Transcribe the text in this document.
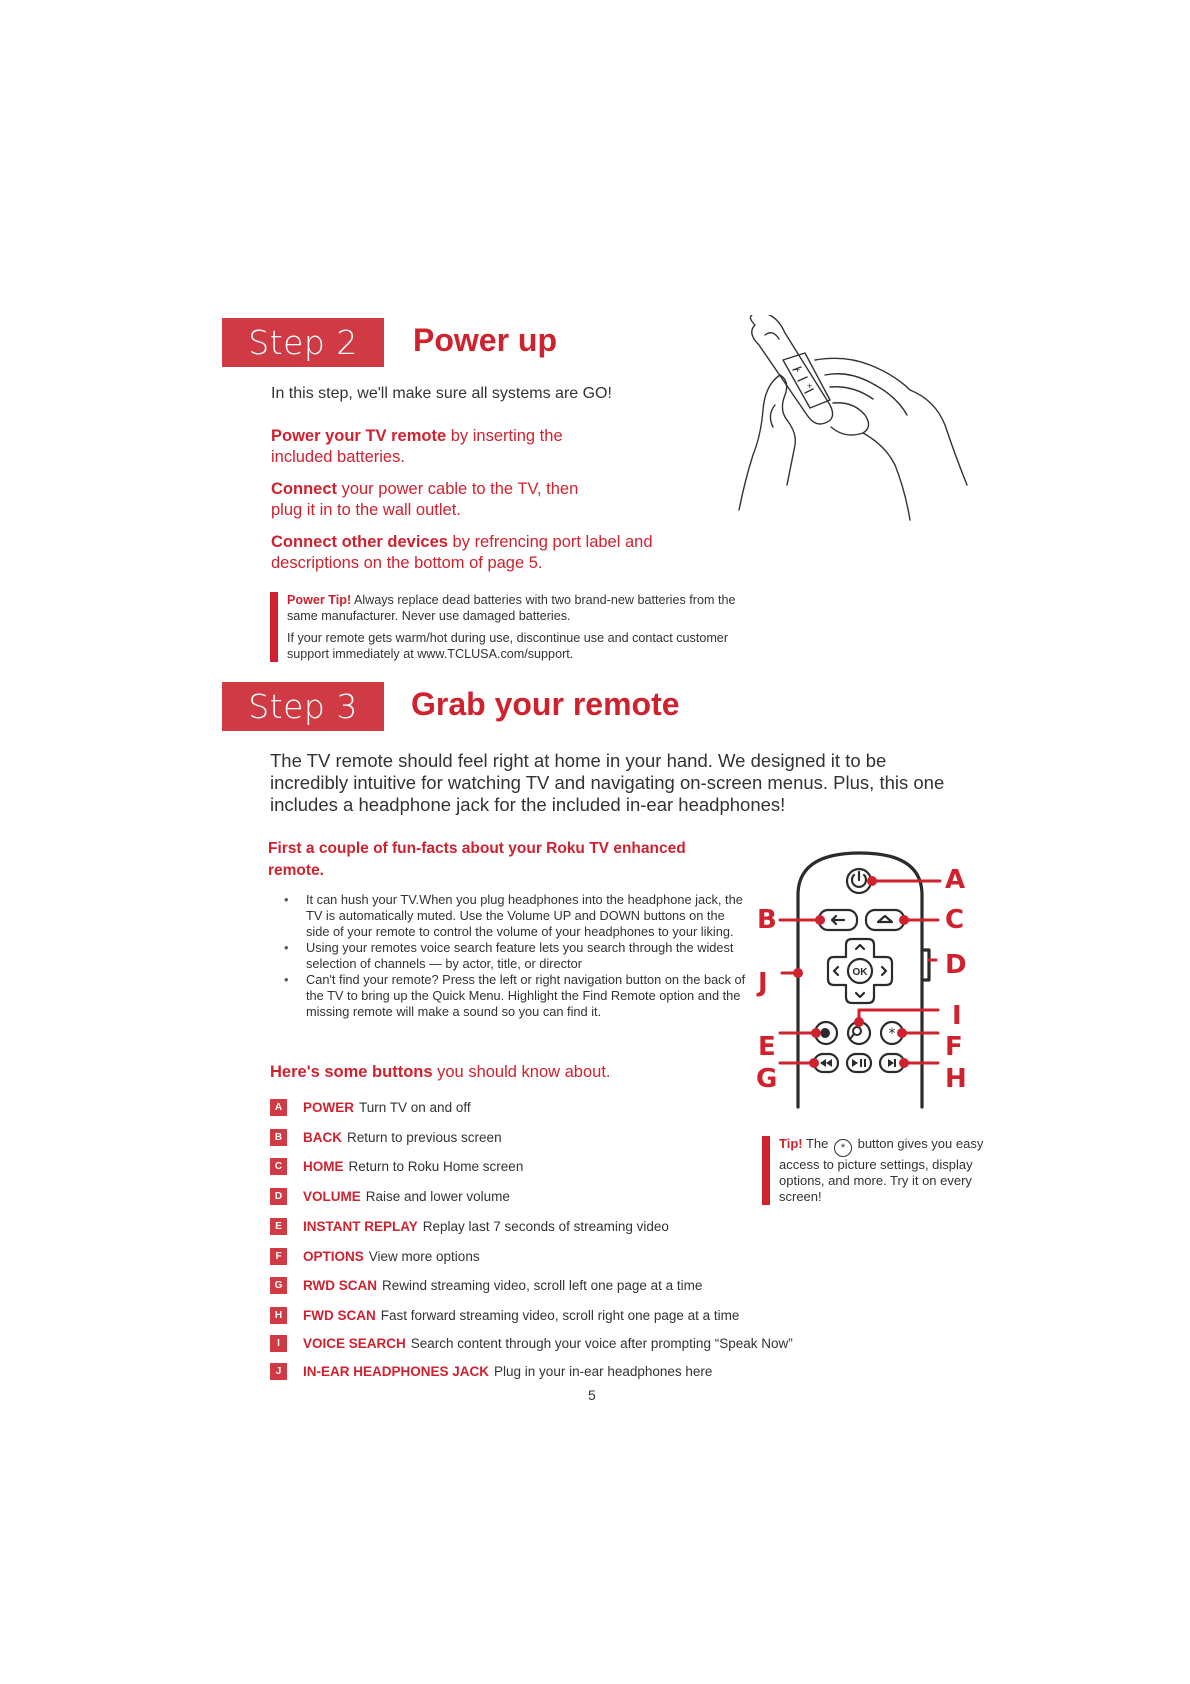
Step 2	Power up
In this step, we'll make sure all systems are GO!
Power your TV remote by inserting the included batteries.
Connect your power cable to the TV, then plug it in to the wall outlet.
Connect other devices by refrencing port label and descriptions on the bottom of page 5.

Power Tip! Always replace dead batteries with two brand-new batteries from the same manufacturer. Never use damaged batteries.

If your remote gets warm/hot during use, discontinue use and contact customer support immediately at www.TCLUSA.com/support.

+
+
Step 3	Grab your remote
The TV remote should feel right at home in your hand. We designed it to be incredibly intuitive for watching TV and navigating on-screen menus. Plus, this one includes a headphone jack for the included in-ear headphones!
First a couple of fun-facts about your Roku TV enhanced remote.
• It can hush your TV.When you plug headphones into the headphone jack, the TV is automatically muted. Use the Volume UP and DOWN buttons on the side of your remote to control the volume of your headphones to your liking.
• Using your remotes voice search feature lets you search through the widest selection of channels — by actor, title, or director
• Can't find your remote? Press the left or right navigation button on the back of the TV to bring up the Quick Menu. Highlight the Find Remote option and the missing remote will make a sound so you can find it.
Here's some buttons you should know about.
A	POWER Turn TV on and off
B	BACK Return to previous screen
C	HOME Return to Roku Home screen
D	VOLUME Raise and lower volume
E	INSTANT REPLAY Replay last 7 seconds of streaming video
F	OPTIONS View more options
G	RWD SCAN Rewind streaming video, scroll left one page at a time
H	FWD SCAN Fast forward streaming video, scroll right one page at a time
I	VOICE SEARCH Search content through your voice after prompting “Speak Now”
J	IN-EAR HEADPHONES JACK Plug in your in-ear headphones here
OK
*
A
B	C
D
J
I
E	F
G	H
Tip! The * button gives you easy access to picture settings, display options, and more. Try it on every screen!
5
